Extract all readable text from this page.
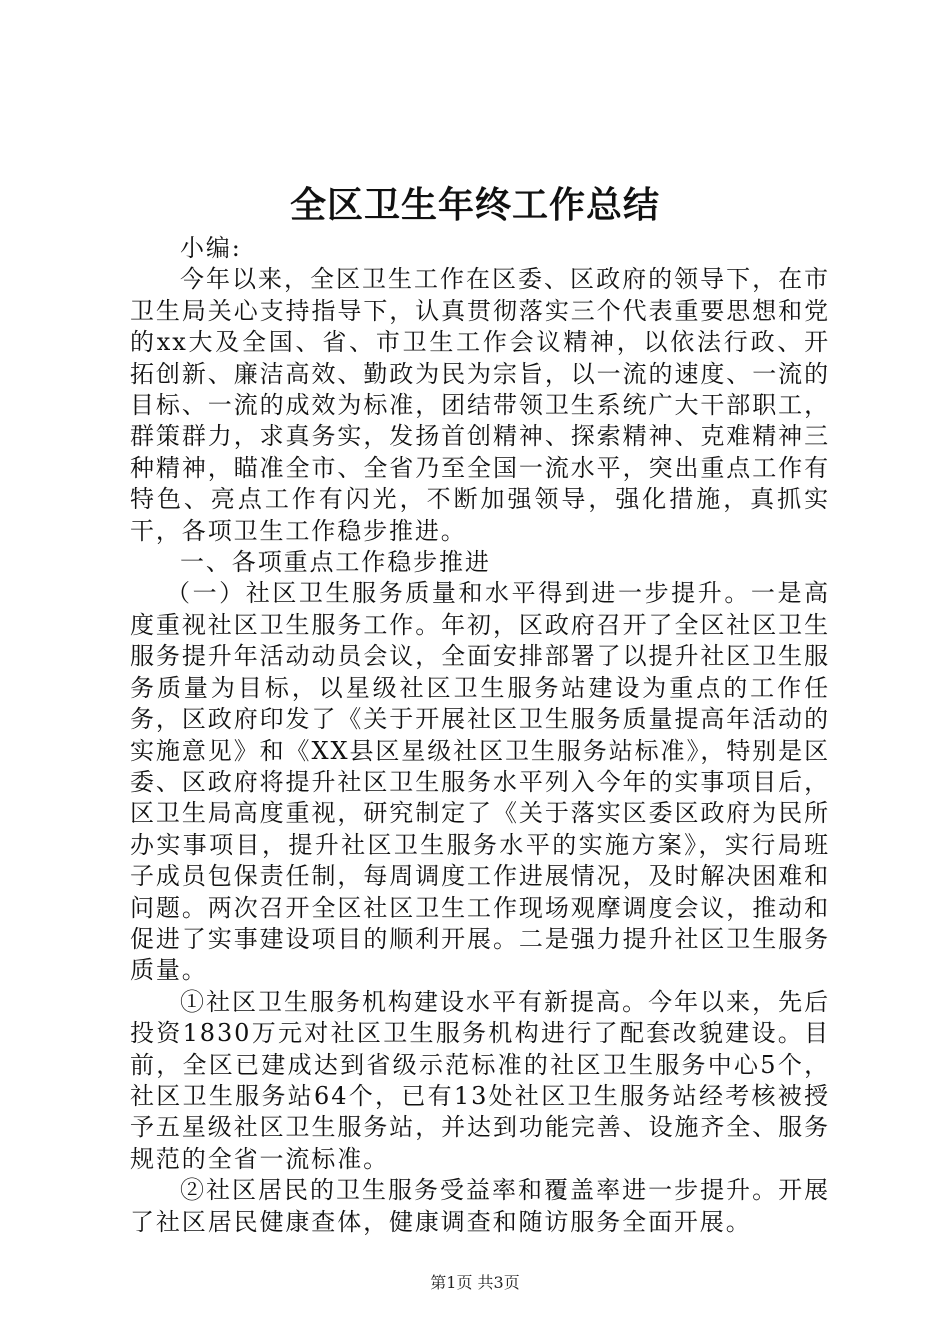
全区卫生年终工作总结

小编:

今年以来，全区卫生工作在区委、区政府的领导下，在市卫生局关心支持指导下，认真贯彻落实三个代表重要思想和党的xx大及全国、省、市卫生工作会议精神，以依法行政、开拓创新、廉洁高效、勤政为民为宗旨，以一流的速度、一流的目标、一流的成效为标准，团结带领卫生系统广大干部职工，群策群力，求真务实，发扬首创精神、探索精神、克难精神三种精神，瞄准全市、全省乃至全国一流水平，突出重点工作有特色、亮点工作有闪光，不断加强领导，强化措施，真抓实干，各项卫生工作稳步推进。

一、各项重点工作稳步推进

（一）社区卫生服务质量和水平得到进一步提升。一是高度重视社区卫生服务工作。年初，区政府召开了全区社区卫生服务提升年活动动员会议，全面安排部署了以提升社区卫生服务质量为目标，以星级社区卫生服务站建设为重点的工作任务，区政府印发了《关于开展社区卫生服务质量提高年活动的实施意见》和《XX县区星级社区卫生服务站标准》，特别是区委、区政府将提升社区卫生服务水平列入今年的实事项目后，区卫生局高度重视，研究制定了《关于落实区委区政府为民所办实事项目，提升社区卫生服务水平的实施方案》，实行局班子成员包保责任制，每周调度工作进展情况，及时解决困难和问题。两次召开全区社区卫生工作现场观摩调度会议，推动和促进了实事建设项目的顺利开展。二是强力提升社区卫生服务质量。

①社区卫生服务机构建设水平有新提高。今年以来，先后投资1830万元对社区卫生服务机构进行了配套改貌建设。目前，全区已建成达到省级示范标准的社区卫生服务中心5个，社区卫生服务站64个，已有13处社区卫生服务站经考核被授予五星级社区卫生服务站，并达到功能完善、设施齐全、服务规范的全省一流标准。

②社区居民的卫生服务受益率和覆盖率进一步提升。开展了社区居民健康查体，健康调查和随访服务全面开展。

第1页 共3页
